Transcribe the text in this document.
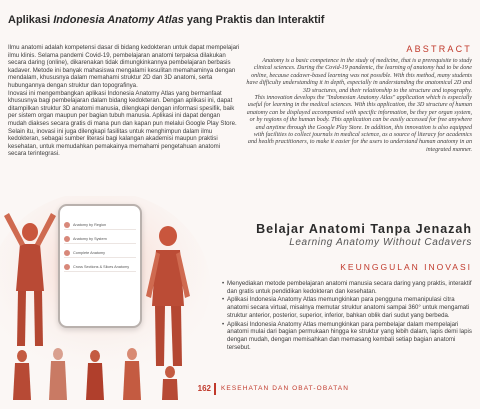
Aplikasi Indonesia Anatomy Atlas yang Praktis dan Interaktif

Ilmu anatomi adalah kompetensi dasar di bidang kedokteran untuk dapat mempelajari ilmu klinis. Selama pandemi Covid-19, pembelajaran anatomi terpaksa dilakukan secara daring (online), dikarenakan tidak dimungkinkannya pembelajaran berbasis kadaver. Metode ini banyak mahasiswa mengalami kesulitan memahaminya dengan mendalam, khususnya dalam memahami struktur 2D dan 3D anatomi, serta hubungannya dengan struktur dan topografinya.

Inovasi ini mengembangkan aplikasi Indonesia Anatomy Atlas yang bermanfaat khususnya bagi pembelajaran dalam bidang kedokteran. Dengan aplikasi ini, dapat ditampilkan struktur 3D anatomi manusia, dilengkapi dengan informasi spesifik, baik per sistem organ maupun per bagian tubuh manusia. Aplikasi ini dapat dengan mudah diakses secara gratis di mana pun dan kapan pun melalui Google Play Store. Selain itu, inovasi ini juga dilengkapi fasilitas untuk menghimpun dalam ilmu kedokteran, sebagai sumber literasi bagi kalangan akademisi maupun praktisi kesehatan, untuk memudahkan pemakainya memahami pengetahuan anatomi secara terintegrasi.

ABSTRACT

Anatomy is a basic competence in the study of medicine, that is a prerequisite to study clinical sciences. During the Covid-19 pandemic, the learning of anatomy had to be done online, because cadaver-based learning was not possible. With this method, many students have difficulty understanding it in depth, especially in understanding the anatomical 2D and 3D structures, and their relationship to the structure and topography.

This innovation develops the "Indonesian Anatomy Atlas" application which is especially useful for learning in the medical sciences. With this application, the 3D structure of human anatomy can be displayed accompanied with specific information, be they per organ system, or by regions of the human body. This application can be easily accessed for free anywhere and anytime through the Google Play Store. In addition, this innovation is also equipped with facilities to collect journals in medical science, as a source of literacy for academics and health practitioners, to make it easier for the users to understand human anatomy in an integrated manner.

Belajar Anatomi Tanpa Jenazah
Learning Anatomy Without Cadavers
KEUNGGULAN INOVASI
• Menyediakan metode pembelajaran anatomi manusia secara daring yang praktis, interaktif dan gratis untuk pendidikan kedokteran dan kesehatan.
• Aplikasi Indonesia Anatomy Atlas memungkinkan para pengguna memanipulasi citra anatomi secara virtual, misalnya memutar struktur anatomi sampai 360° untuk mengamati struktur anterior, posterior, superior, inferior, bahkan oblik dari sudut yang berbeda.
• Aplikasi Indonesia Anatomy Atlas memungkinkan para pembelajar dalam mempelajari anatomi mulai dari bagian permukaan hingga ke struktur yang lebih dalam, lapis demi lapis dengan mudah, dengan memisahkan dan memasang kembali setiap bagian anatomi tersebut.
Anatomy by Region
Anatomy by System
Complete Anatomy
Cross Sections & Slices Anatomy
162 KESEHATAN DAN OBAT-OBATAN
